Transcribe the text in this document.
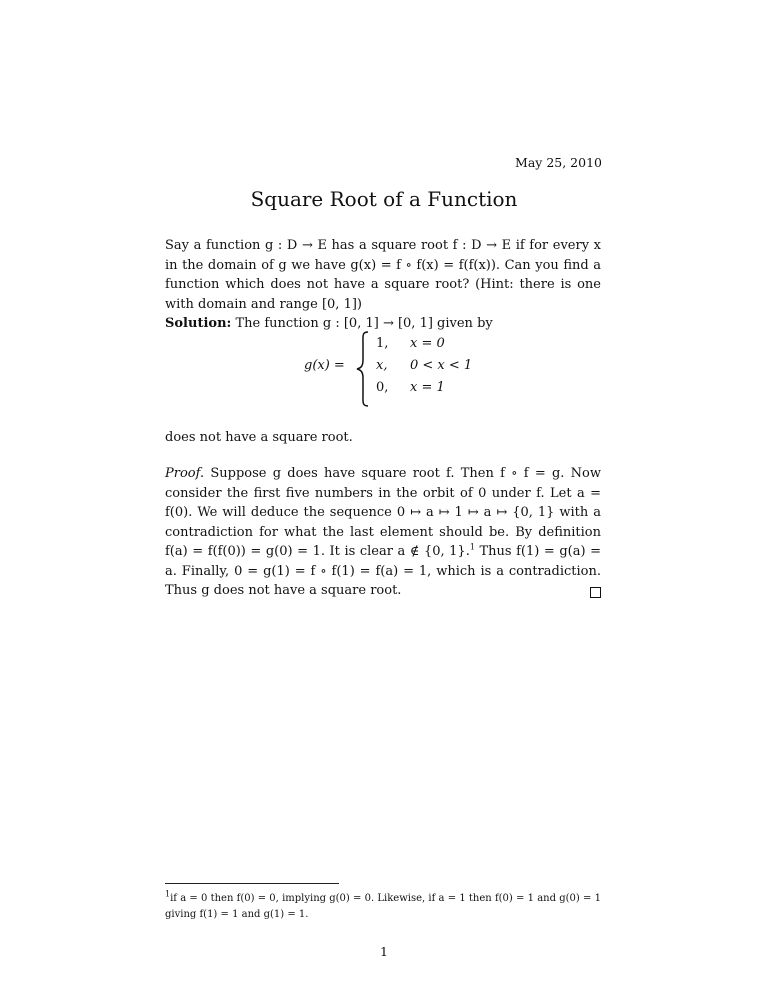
May 25, 2010
Square Root of a Function

Say a function g : D → E has a square root f : D → E if for every x in the domain of g we have g(x) = f ∘ f(x) = f(f(x)). Can you find a function which does not have a square root? (Hint: there is one with domain and range [0, 1])

Solution: The function g : [0, 1] → [0, 1] given by

g(x) =
1, x = 0
x, 0 < x < 1
0, x = 1
does not have a square root.

Proof. Suppose g does have square root f. Then f ∘ f = g. Now consider the first five numbers in the orbit of 0 under f. Let a = f(0). We will deduce the sequence 0 ↦ a ↦ 1 ↦ a ↦ {0, 1} with a contradiction for what the last element should be. By definition f(a) = f(f(0)) = g(0) = 1. It is clear a ∉ {0, 1}.$^1$ Thus f(1) = g(a) = a. Finally, 0 = g(1) = f ∘ f(1) = f(a) = 1, which is a contradiction. Thus g does not have a square root.

$^1$if a = 0 then f(0) = 0, implying g(0) = 0. Likewise, if a = 1 then f(0) = 1 and g(0) = 1 giving f(1) = 1 and g(1) = 1.
1
